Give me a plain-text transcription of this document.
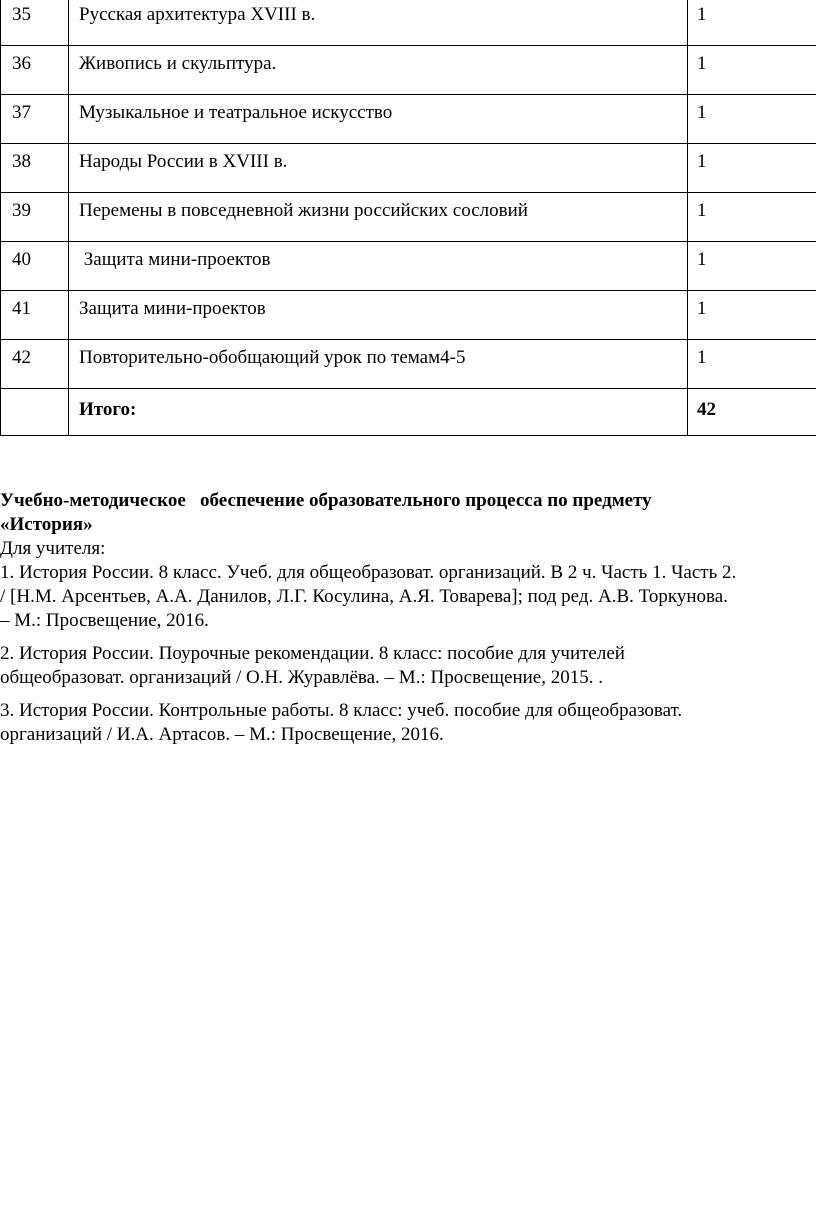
35	Русская архитектура XVIII в.	1
36	Живопись и скульптура.	1
37	Музыкальное и театральное искусство	1
38	Народы России в XVIII в.	1
39	Перемены в повседневной жизни российских сословий	1
40	Защита мини-проектов	1
41	Защита мини-проектов	1
42	Повторительно-обобщающий урок по темам4-5	1
	Итого:	42

Учебно-методическое   обеспечение образовательного процесса по предмету
«История»

Для учителя:

1. История России. 8 класс. Учеб. для общеобразоват. организаций. В 2 ч. Часть 1. Часть 2.
/ [Н.М. Арсентьев, А.А. Данилов, Л.Г. Косулина, А.Я. Товарева]; под ред. А.В. Торкунова.
– М.: Просвещение, 2016.

2. История России. Поурочные рекомендации. 8 класс: пособие для учителей
общеобразоват. организаций / О.Н. Журавлёва. – М.: Просвещение, 2015. .

3. История России. Контрольные работы. 8 класс: учеб. пособие для общеобразоват.
организаций / И.А. Артасов. – М.: Просвещение, 2016.
